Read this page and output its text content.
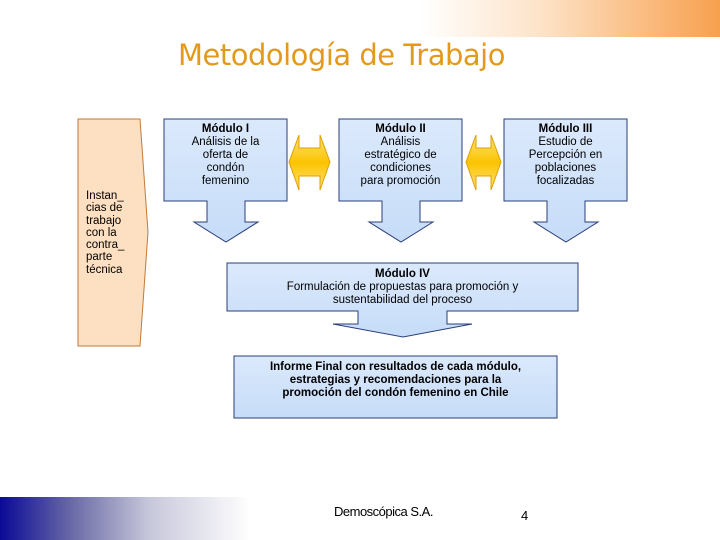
Metodología de Trabajo
Instan_
cias de
trabajo
con la
contra_
parte
técnica
Módulo I
Análisis de la
oferta de
condón
femenino
Módulo II
Análisis
estratégico de
condiciones
para promoción
Módulo III
Estudio de
Percepción en
poblaciones
focalizadas
Módulo IV
Formulación de propuestas para promoción y
sustentabilidad del proceso
Informe Final con resultados de cada módulo,
estrategias y recomendaciones para la
promoción del condón femenino en Chile
Demoscópica S.A.	4
